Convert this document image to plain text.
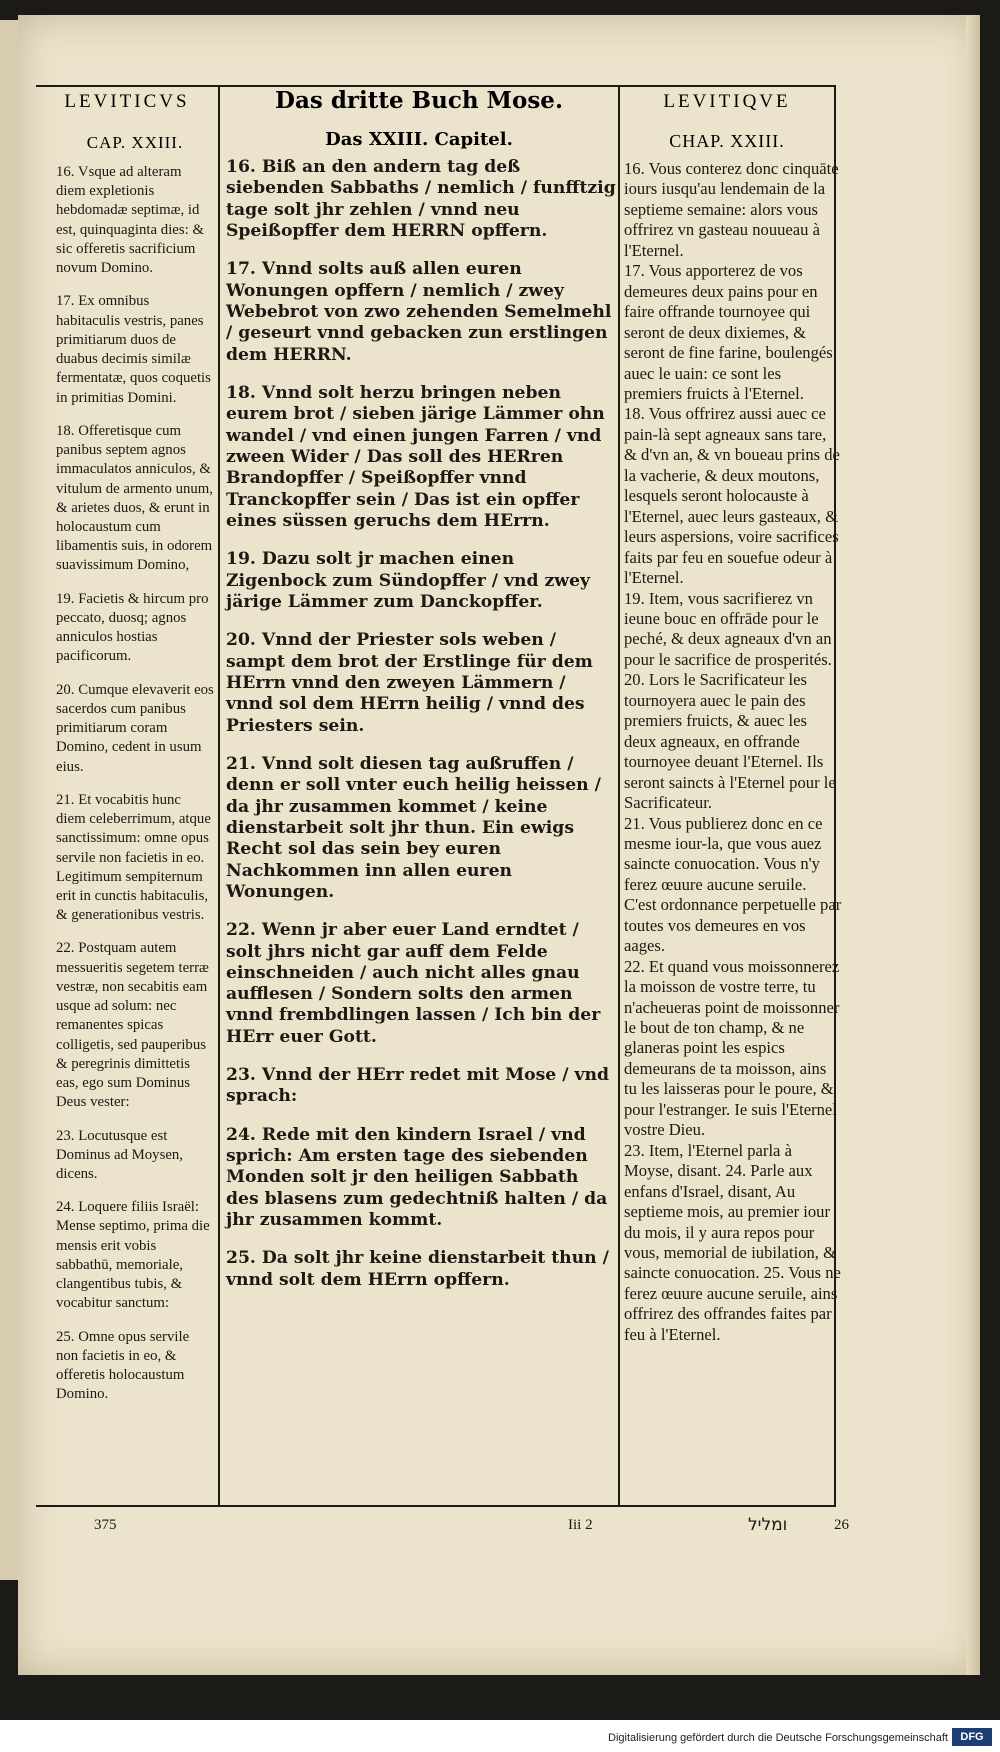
LEVITICVS	Das dritte Buch Mose.	LEVITIQVE
CAP. XXIII.	Das XXIII. Capitel.	CHAP. XXIII.

16. Vsque ad alteram diem expletionis hebdomadæ septimæ, id est, quinquaginta dies: & sic offeretis sacrificium novum Domino.

17. Ex omnibus habitaculis vestris, panes primitiarum duos de duabus decimis similæ fermentatæ, quos coquetis in primitias Domini.

18. Offeretisque cum panibus septem agnos immaculatos anniculos, & vitulum de armento unum, & arietes duos, & erunt in holocaustum cum libamentis suis, in odorem suavissimum Domino,

19. Facietis & hircum pro peccato, duosq; agnos anniculos hostias pacificorum.

20. Cumque elevaverit eos sacerdos cum panibus primitiarum coram Domino, cedent in usum eius.

21. Et vocabitis hunc diem celeberrimum, atque sanctissimum: omne opus servile non facietis in eo. Legitimum sempiternum erit in cunctis habitaculis, & generationibus vestris.

22. Postquam autem messueritis segetem terræ vestræ, non secabitis eam usque ad solum: nec remanentes spicas colligetis, sed pauperibus & peregrinis dimittetis eas, ego sum Dominus Deus vester:

23. Locutusque est Dominus ad Moysen, dicens.

24. Loquere filiis Israël: Mense septimo, prima die mensis erit vobis sabbathū, memoriale, clangentibus tubis, & vocabitur sanctum:

25. Omne opus servile non facietis in eo, & offeretis holocaustum Domino.

16. Biß an den andern tag deß siebenden Sabbaths / nemlich / funfftzig tage solt jhr zehlen / vnnd neu Speißopffer dem HERRN opffern.

17. Vnnd solts auß allen euren Wonungen opffern / nemlich / zwey Webebrot von zwo zehenden Semelmehl / geseurt vnnd gebacken zun erstlingen dem HERRN.

18. Vnnd solt herzu bringen neben eurem brot / sieben järige Lämmer ohn wandel / vnd einen jungen Farren / vnd zween Wider / Das soll des HERren Brandopffer / Speißopffer vnnd Tranckopffer sein / Das ist ein opffer eines süssen geruchs dem HErrn.

19. Dazu solt jr machen einen Zigenbock zum Sündopffer / vnd zwey järige Lämmer zum Danckopffer.

20. Vnnd der Priester sols weben / sampt dem brot der Erstlinge für dem HErrn vnnd den zweyen Lämmern / vnnd sol dem HErrn heilig / vnnd des Priesters sein.

21. Vnnd solt diesen tag außruffen / denn er soll vnter euch heilig heissen / da jhr zusammen kommet / keine dienstarbeit solt jhr thun. Ein ewigs Recht sol das sein bey euren Nachkommen inn allen euren Wonungen.

22. Wenn jr aber euer Land erndtet / solt jhrs nicht gar auff dem Felde einschneiden / auch nicht alles gnau aufflesen / Sondern solts den armen vnnd frembdlingen lassen / Ich bin der HErr euer Gott.

23. Vnnd der HErr redet mit Mose / vnd sprach:

24. Rede mit den kindern Israel / vnd sprich: Am ersten tage des siebenden Monden solt jr den heiligen Sabbath des blasens zum gedechtniß halten / da jhr zusammen kommt.

25. Da solt jhr keine dienstarbeit thun / vnnd solt dem HErrn opffern.

16. Vous conterez donc cinquāte iours iusqu'au lendemain de la septieme semaine: alors vous offrirez vn gasteau nouueau à l'Eternel.

17. Vous apporterez de vos demeures deux pains pour en faire offrande tournoyee qui seront de deux dixiemes, & seront de fine farine, boulengés auec le uain: ce sont les premiers fruicts à l'Eternel.

18. Vous offrirez aussi auec ce pain-là sept agneaux sans tare, & d'vn an, & vn boueau prins de la vacherie, & deux moutons, lesquels seront holocauste à l'Eternel, auec leurs gasteaux, & leurs aspersions, voire sacrifices faits par feu en souefue odeur à l'Eternel.

19. Item, vous sacrifierez vn ieune bouc en offrāde pour le peché, & deux agneaux d'vn an pour le sacrifice de prosperités.

20. Lors le Sacrificateur les tournoyera auec le pain des premiers fruicts, & auec les deux agneaux, en offrande tournoyee deuant l'Eternel. Ils seront saincts à l'Eternel pour le Sacrificateur.

21. Vous publierez donc en ce mesme iour-la, que vous auez saincte conuocation. Vous n'y ferez œuure aucune seruile. C'est ordonnance perpetuelle par toutes vos demeures en vos aages.

22. Et quand vous moissonnerez la moisson de vostre terre, tu n'acheueras point de moissonner le bout de ton champ, & ne glaneras point les espics demeurans de ta moisson, ains tu les laisseras pour le poure, & pour l'estranger. Ie suis l'Eternel vostre Dieu.

23. Item, l'Eternel parla à Moyse, disant. 24. Parle aux enfans d'Israel, disant, Au septieme mois, au premier iour du mois, il y aura repos pour vous, memorial de iubilation, & saincte conuocation. 25. Vous ne ferez œuure aucune seruile, ains offrirez des offrandes faites par feu à l'Eternel.

375	Iii 2	ומליל	26
Digitalisierung gefördert durch die Deutsche Forschungsgemeinschaft	DFG
